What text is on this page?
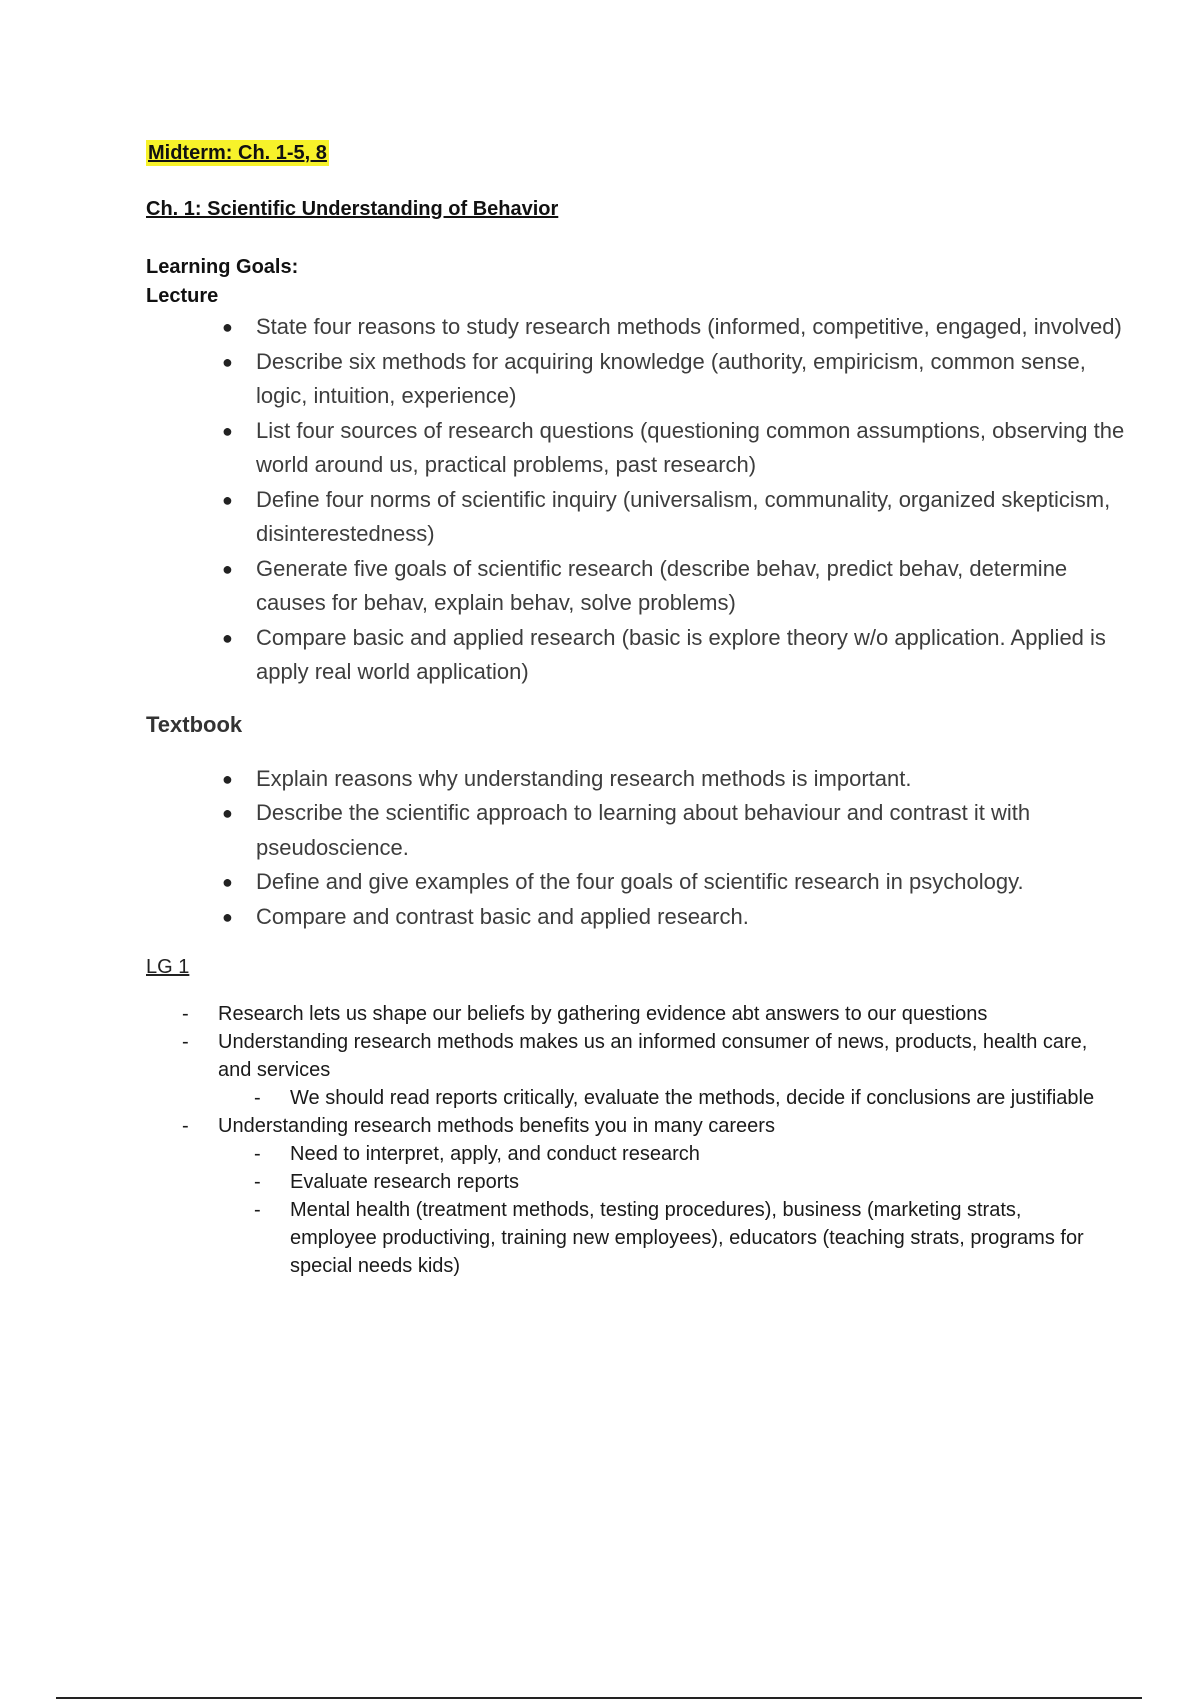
Midterm: Ch. 1-5, 8
Ch. 1: Scientific Understanding of Behavior
Learning Goals:
Lecture
● State four reasons to study research methods (informed, competitive, engaged, involved)
● Describe six methods for acquiring knowledge (authority, empiricism, common sense, logic, intuition, experience)
● List four sources of research questions (questioning common assumptions, observing the world around us, practical problems, past research)
● Define four norms of scientific inquiry (universalism, communality, organized skepticism, disinterestedness)
● Generate five goals of scientific research (describe behav, predict behav, determine causes for behav, explain behav, solve problems)
● Compare basic and applied research (basic is explore theory w/o application. Applied is apply real world application)
Textbook
● Explain reasons why understanding research methods is important.
● Describe the scientific approach to learning about behaviour and contrast it with pseudoscience.
● Define and give examples of the four goals of scientific research in psychology.
● Compare and contrast basic and applied research.
LG 1
- Research lets us shape our beliefs by gathering evidence abt answers to our questions
- Understanding research methods makes us an informed consumer of news, products, health care, and services
- We should read reports critically, evaluate the methods, decide if conclusions are justifiable
- Understanding research methods benefits you in many careers
- Need to interpret, apply, and conduct research
- Evaluate research reports
- Mental health (treatment methods, testing procedures), business (marketing strats, employee productiving, training new employees), educators (teaching strats, programs for special needs kids)
